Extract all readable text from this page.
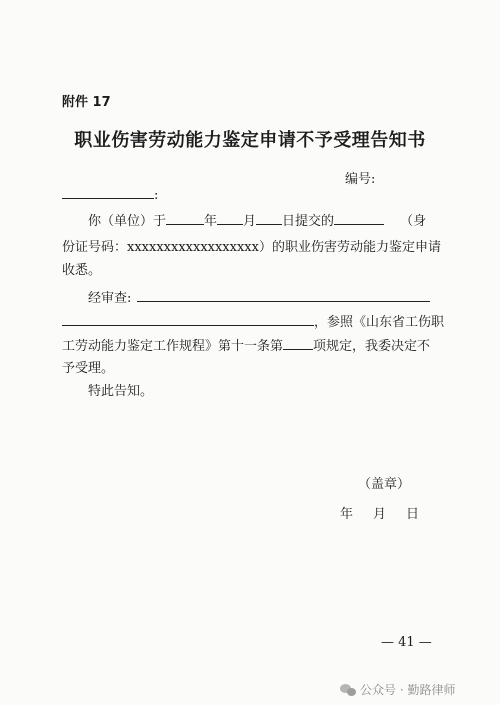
附件 17
职业伤害劳动能力鉴定申请不予受理告知书
编号:
:
你（单位）于	年 月 日提交的	（身
份证号码：xxxxxxxxxxxxxxxxxx）的职业伤害劳动能力鉴定申请
收悉。
经审查:
，参照《山东省工伤职
工劳动能力鉴定工作规程》第十一条第 项规定，我委决定不
予受理。
特此告知。
（盖章）
年 月 日
— 41 —
公众号 · 勤路律师
